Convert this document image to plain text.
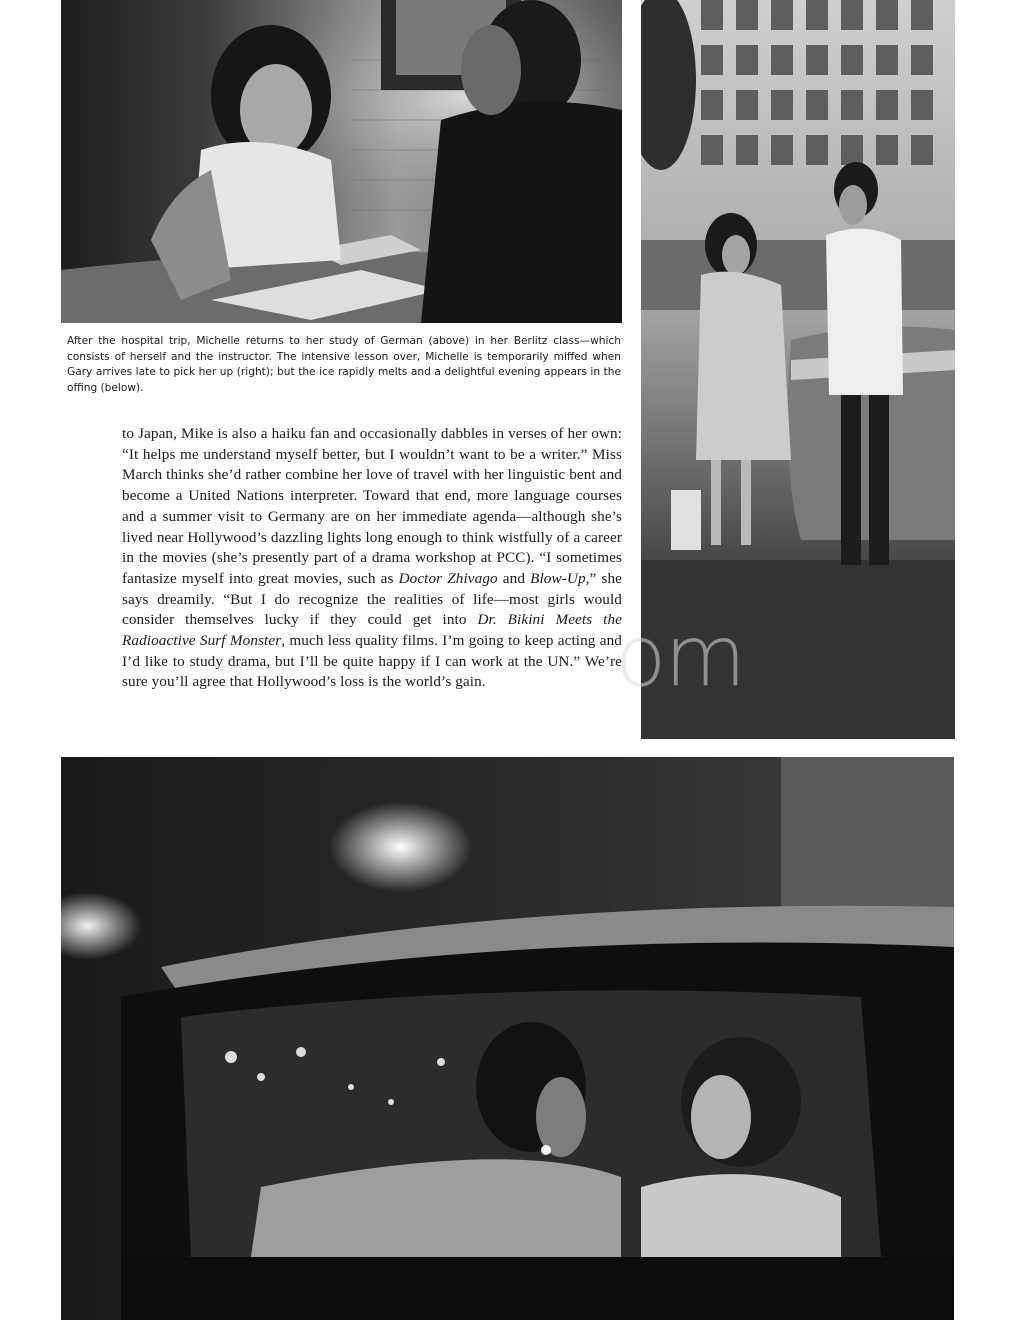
After the hospital trip, Michelle returns to her study of German (above) in her Berlitz class—which consists of herself and the instructor. The intensive lesson over, Michelle is temporarily miffed when Gary arrives late to pick her up (right); but the ice rapidly melts and a delightful evening appears in the offing (below).

to Japan, Mike is also a haiku fan and occasionally dabbles in verses of her own: “It helps me understand myself better, but I wouldn’t want to be a writer.” Miss March thinks she’d rather combine her love of travel with her linguistic bent and become a United Nations interpreter. Toward that end, more language courses and a summer visit to Germany are on her immediate agenda—although she’s lived near Hollywood’s dazzling lights long enough to think wistfully of a career in the movies (she’s presently part of a drama workshop at PCC). “I sometimes fantasize myself into great movies, such as Doctor Zhivago and Blow-Up,” she says dreamily. “But I do recognize the realities of life—most girls would consider themselves lucky if they could get into Dr. Bikini Meets the Radioactive Surf Monster, much less quality films. I’m going to keep acting and I’d like to study drama, but I’ll be quite happy if I can work at the UN.” We’re sure you’ll agree that Hollywood’s loss is the world’s gain.	om
